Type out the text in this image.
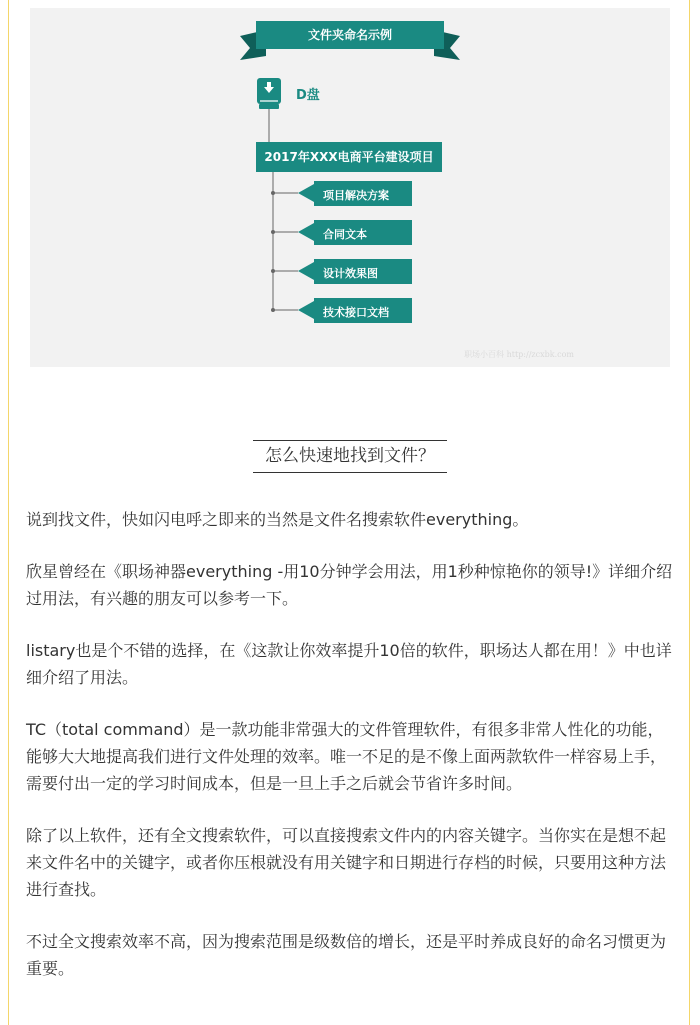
文件夹命名示例
D盘
2017年XXX电商平台建设项目
项目解决方案
合同文本
设计效果图
技术接口文档
职场小百科 http://zcxbk.com
怎么快速地找到文件？

说到找文件，快如闪电呼之即来的当然是文件名搜索软件everything。

欣星曾经在《职场神器everything -用10分钟学会用法，用1秒种惊艳你的领导!》详细介绍过用法，有兴趣的朋友可以参考一下。

listary也是个不错的选择，在《这款让你效率提升10倍的软件，职场达人都在用！》中也详细介绍了用法。

TC（total command）是一款功能非常强大的文件管理软件，有很多非常人性化的功能，能够大大地提高我们进行文件处理的效率。唯一不足的是不像上面两款软件一样容易上手，需要付出一定的学习时间成本，但是一旦上手之后就会节省许多时间。

除了以上软件，还有全文搜索软件，可以直接搜索文件内的内容关键字。当你实在是想不起来文件名中的关键字，或者你压根就没有用关键字和日期进行存档的时候，只要用这种方法进行查找。

不过全文搜索效率不高，因为搜索范围是级数倍的增长，还是平时养成良好的命名习惯更为重要。
